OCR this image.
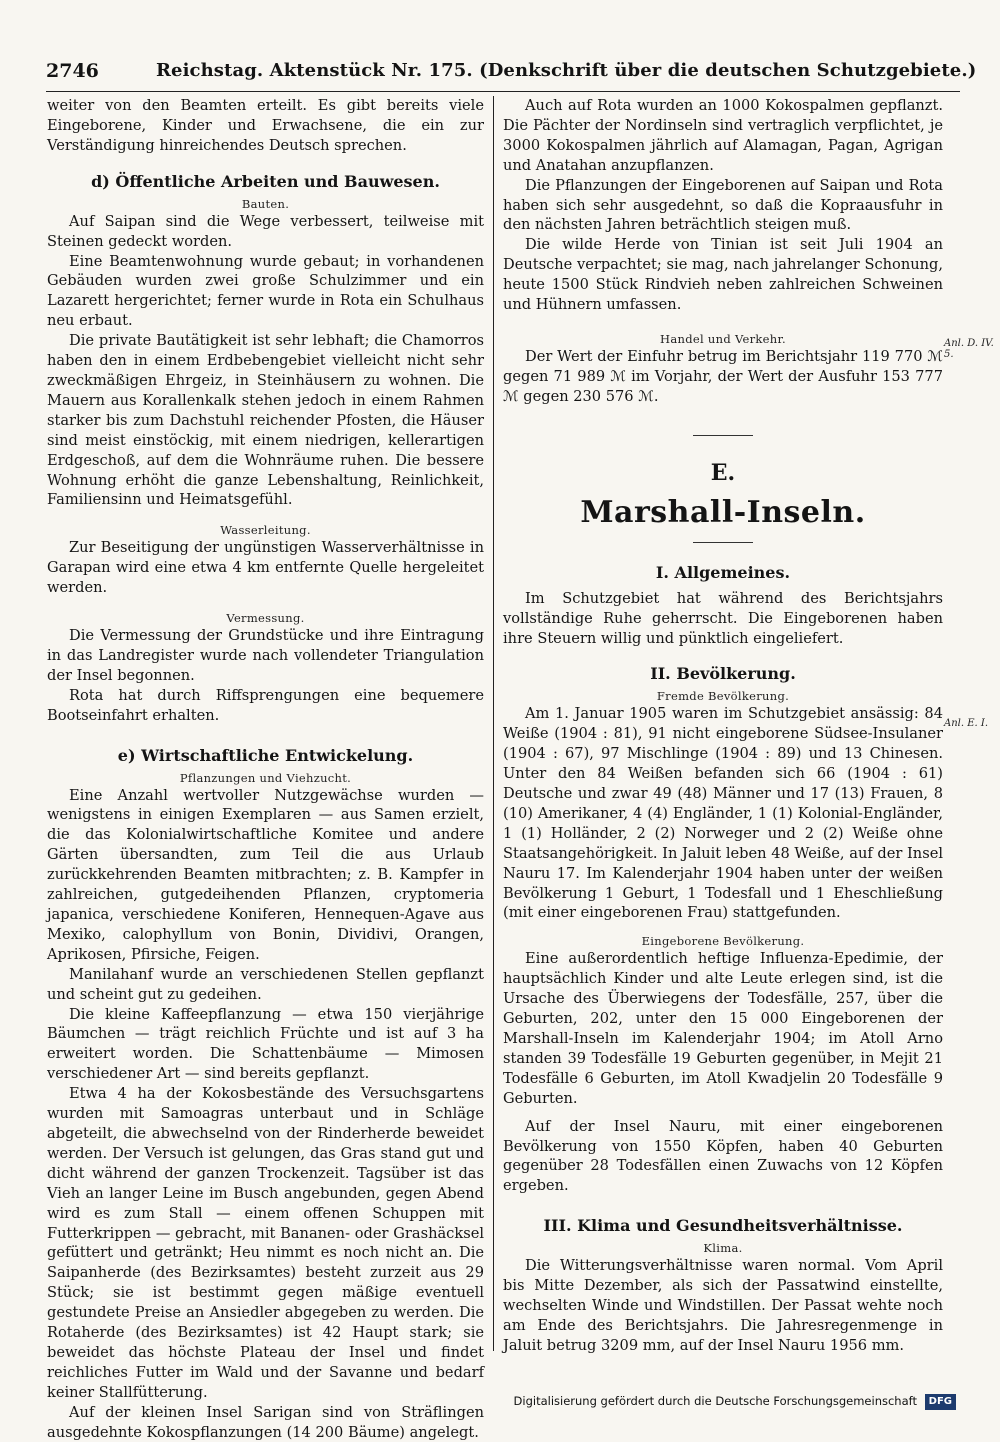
2746	Reichstag. Aktenstück Nr. 175. (Denkschrift über die deutschen Schutzgebiete.)

weiter von den Beamten erteilt. Es gibt bereits viele Eingeborene, Kinder und Erwachsene, die ein zur Verständigung hinreichendes Deutsch sprechen.

d) Öffentliche Arbeiten und Bauwesen.
Bauten.

Auf Saipan sind die Wege verbessert, teilweise mit Steinen gedeckt worden.

Eine Beamtenwohnung wurde gebaut; in vorhandenen Gebäuden wurden zwei große Schulzimmer und ein Lazarett hergerichtet; ferner wurde in Rota ein Schulhaus neu erbaut.

Die private Bautätigkeit ist sehr lebhaft; die Chamorros haben den in einem Erdbebengebiet vielleicht nicht sehr zweckmäßigen Ehrgeiz, in Steinhäusern zu wohnen. Die Mauern aus Korallenkalk stehen jedoch in einem Rahmen starker bis zum Dachstuhl reichender Pfosten, die Häuser sind meist einstöckig, mit einem niedrigen, kellerartigen Erdgeschoß, auf dem die Wohnräume ruhen. Die bessere Wohnung erhöht die ganze Lebenshaltung, Reinlichkeit, Familiensinn und Heimatsgefühl.

Wasserleitung.

Zur Beseitigung der ungünstigen Wasserverhältnisse in Garapan wird eine etwa 4 km entfernte Quelle hergeleitet werden.

Vermessung.

Die Vermessung der Grundstücke und ihre Eintragung in das Landregister wurde nach vollendeter Triangulation der Insel begonnen.

Rota hat durch Riffsprengungen eine bequemere Bootseinfahrt erhalten.

e) Wirtschaftliche Entwickelung.
Pflanzungen und Viehzucht.

Eine Anzahl wertvoller Nutzgewächse wurden — wenigstens in einigen Exemplaren — aus Samen erzielt, die das Kolonialwirtschaftliche Komitee und andere Gärten übersandten, zum Teil die aus Urlaub zurückkehrenden Beamten mitbrachten; z. B. Kampfer in zahlreichen, gutgedeihenden Pflanzen, cryptomeria japanica, verschiedene Koniferen, Hennequen-Agave aus Mexiko, calophyllum von Bonin, Dividivi, Orangen, Aprikosen, Pfirsiche, Feigen.

Manilahanf wurde an verschiedenen Stellen gepflanzt und scheint gut zu gedeihen.

Die kleine Kaffeepflanzung — etwa 150 vierjährige Bäumchen — trägt reichlich Früchte und ist auf 3 ha erweitert worden. Die Schattenbäume — Mimosen verschiedener Art — sind bereits gepflanzt.

Etwa 4 ha der Kokosbestände des Versuchsgartens wurden mit Samoagras unterbaut und in Schläge abgeteilt, die abwechselnd von der Rinderherde beweidet werden. Der Versuch ist gelungen, das Gras stand gut und dicht während der ganzen Trockenzeit. Tagsüber ist das Vieh an langer Leine im Busch angebunden, gegen Abend wird es zum Stall — einem offenen Schuppen mit Futterkrippen — gebracht, mit Bananen- oder Grashäcksel gefüttert und getränkt; Heu nimmt es noch nicht an. Die Saipanherde (des Bezirksamtes) besteht zurzeit aus 29 Stück; sie ist bestimmt gegen mäßige eventuell gestundete Preise an Ansiedler abgegeben zu werden. Die Rotaherde (des Bezirksamtes) ist 42 Haupt stark; sie beweidet das höchste Plateau der Insel und findet reichliches Futter im Wald und der Savanne und bedarf keiner Stallfütterung.

Auf der kleinen Insel Sarigan sind von Sträflingen ausgedehnte Kokospflanzungen (14 200 Bäume) angelegt.

Auch auf Rota wurden an 1000 Kokospalmen gepflanzt. Die Pächter der Nordinseln sind vertraglich verpflichtet, je 3000 Kokospalmen jährlich auf Alamagan, Pagan, Agrigan und Anatahan anzupflanzen.

Die Pflanzungen der Eingeborenen auf Saipan und Rota haben sich sehr ausgedehnt, so daß die Kopraausfuhr in den nächsten Jahren beträchtlich steigen muß.

Die wilde Herde von Tinian ist seit Juli 1904 an Deutsche verpachtet; sie mag, nach jahrelanger Schonung, heute 1500 Stück Rindvieh neben zahlreichen Schweinen und Hühnern umfassen.

Handel und Verkehr.

Der Wert der Einfuhr betrug im Berichtsjahr 119 770 ℳ gegen 71 989 ℳ im Vorjahr, der Wert der Ausfuhr 153 777 ℳ gegen 230 576 ℳ.

E.
Marshall-Inseln.
I. Allgemeines.

Im Schutzgebiet hat während des Berichtsjahrs vollständige Ruhe geherrscht. Die Eingeborenen haben ihre Steuern willig und pünktlich eingeliefert.

II. Bevölkerung.
Fremde Bevölkerung.

Am 1. Januar 1905 waren im Schutzgebiet ansässig: 84 Weiße (1904 : 81), 91 nicht eingeborene Südsee-Insulaner (1904 : 67), 97 Mischlinge (1904 : 89) und 13 Chinesen. Unter den 84 Weißen befanden sich 66 (1904 : 61) Deutsche und zwar 49 (48) Männer und 17 (13) Frauen, 8 (10) Amerikaner, 4 (4) Engländer, 1 (1) Kolonial-Engländer, 1 (1) Holländer, 2 (2) Norweger und 2 (2) Weiße ohne Staatsangehörigkeit. In Jaluit leben 48 Weiße, auf der Insel Nauru 17. Im Kalenderjahr 1904 haben unter der weißen Bevölkerung 1 Geburt, 1 Todesfall und 1 Eheschließung (mit einer eingeborenen Frau) stattgefunden.

Eingeborene Bevölkerung.

Eine außerordentlich heftige Influenza-Epedimie, der hauptsächlich Kinder und alte Leute erlegen sind, ist die Ursache des Überwiegens der Todesfälle, 257, über die Geburten, 202, unter den 15 000 Eingeborenen der Marshall-Inseln im Kalenderjahr 1904; im Atoll Arno standen 39 Todesfälle 19 Geburten gegenüber, in Mejit 21 Todesfälle 6 Geburten, im Atoll Kwadjelin 20 Todesfälle 9 Geburten.

Auf der Insel Nauru, mit einer eingeborenen Bevölkerung von 1550 Köpfen, haben 40 Geburten gegenüber 28 Todesfällen einen Zuwachs von 12 Köpfen ergeben.

III. Klima und Gesundheitsverhältnisse.
Klima.

Die Witterungsverhältnisse waren normal. Vom April bis Mitte Dezember, als sich der Passatwind einstellte, wechselten Winde und Windstillen. Der Passat wehte noch am Ende des Berichtsjahrs. Die Jahresregenmenge in Jaluit betrug 3209 mm, auf der Insel Nauru 1956 mm.

Anl. D. IV. 5.
Anl. E. I.
Digitalisierung gefördert durch die Deutsche Forschungsgemeinschaft DFG
